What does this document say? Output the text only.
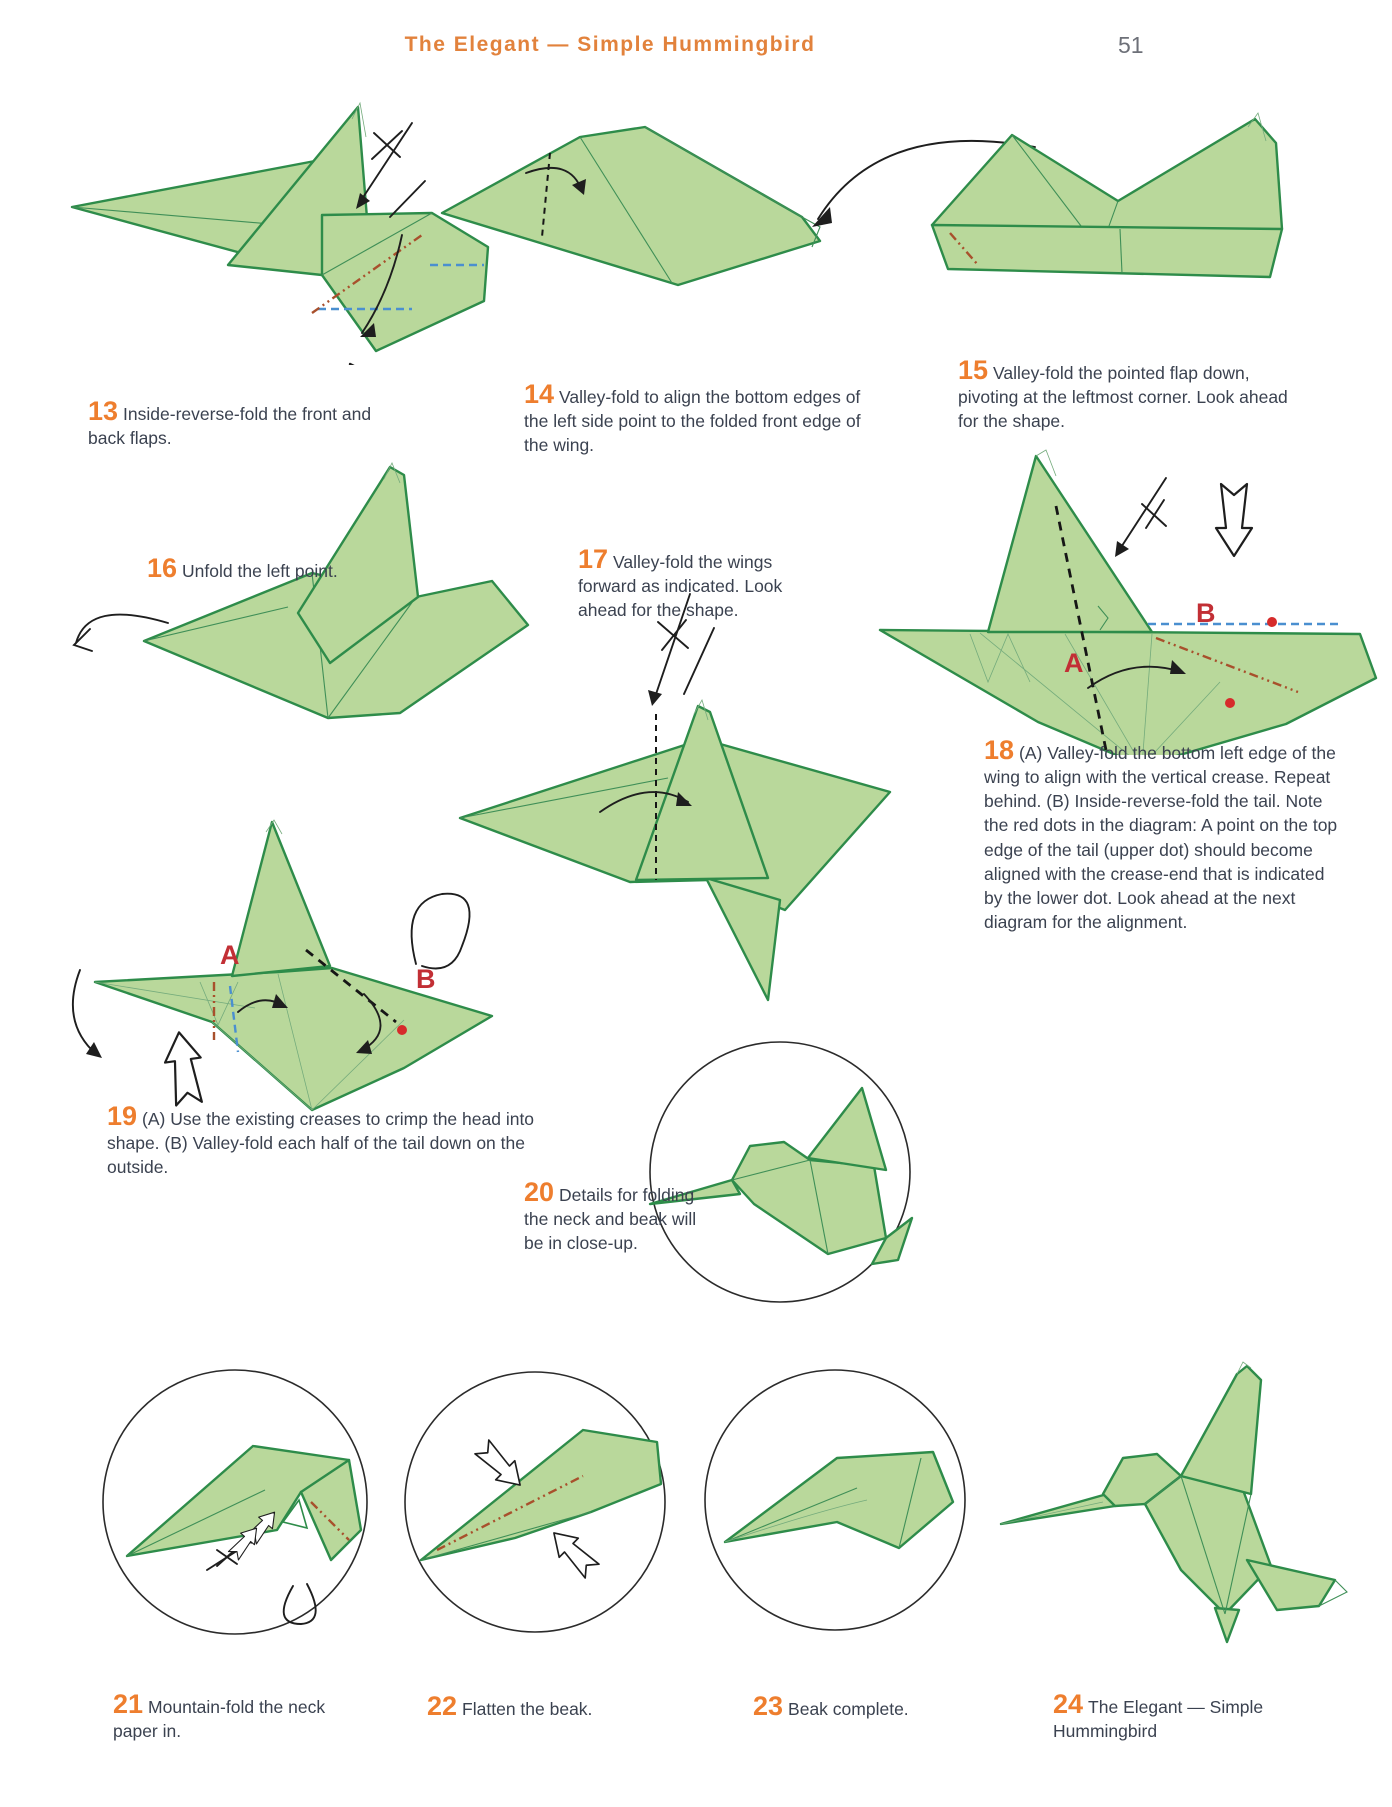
The Elegant — Simple Hummingbird	51
13 Inside-reverse-fold the front and back flaps.
14 Valley-fold to align the bottom edges of the left side point to the folded front edge of the wing.
15 Valley-fold the pointed flap down, pivoting at the leftmost corner. Look ahead for the shape.
16 Unfold the left point.	17 Valley-fold the wings forward as indicated. Look ahead for the shape.
A
B
18 (A) Valley-fold the bottom left edge of the wing to align with the vertical crease. Repeat behind. (B) Inside-reverse-fold the tail. Note the red dots in the diagram: A point on the top edge of the tail (upper dot) should become aligned with the crease-end that is indicated by the lower dot. Look ahead at the next diagram for the alignment.
A
B
19 (A) Use the existing creases to crimp the head into shape. (B) Valley-fold each half of the tail down on the outside.
20 Details for folding the neck and beak will be in close-up.
21 Mountain-fold the neck paper in.
22 Flatten the beak.	23 Beak complete.	24 The Elegant — Simple Hummingbird
